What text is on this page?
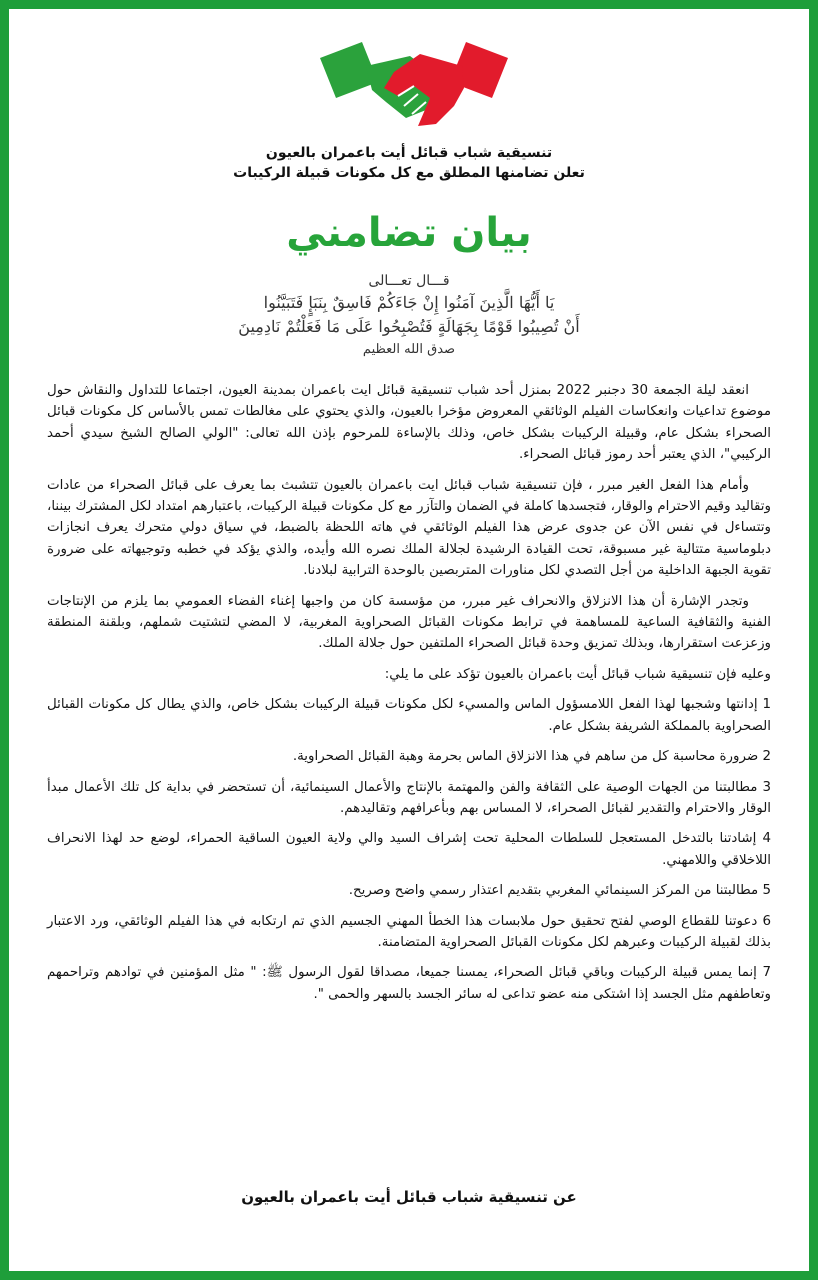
تنسيقية شباب قبائل أيت باعمران بالعيون
تعلن تضامنها المطلق مع كل مكونات قبيلة الركيبات
بيان تضامني
قـــال تعـــالى
يَا أَيُّهَا الَّذِينَ آمَنُوا إِنْ جَاءَكُمْ فَاسِقٌ بِنَبَإٍ فَتَبَيَّنُوا
أَنْ تُصِيبُوا قَوْمًا بِجَهَالَةٍ فَتُصْبِحُوا عَلَى مَا فَعَلْتُمْ نَادِمِينَ
صدق الله العظيم

انعقد ليلة الجمعة 30 دجنبر 2022 بمنزل أحد شباب تنسيقية قبائل ايت باعمران بمدينة العيون، اجتماعا للتداول والنقاش حول موضوع تداعيات وانعكاسات الفيلم الوثائقي المعروض مؤخرا بالعيون، والذي يحتوي على مغالطات تمس بالأساس كل مكونات قبائل الصحراء بشكل عام، وقبيلة الركيبات بشكل خاص، وذلك بالإساءة للمرحوم بإذن الله تعالى: "الولي الصالح الشيخ سيدي أحمد الركيبي"، الذي يعتبر أحد رموز قبائل الصحراء.

وأمام هذا الفعل الغير مبرر ، فإن تنسيقية شباب قبائل ايت باعمران بالعيون تتشبث بما يعرف على قبائل الصحراء من عادات وتقاليد وقيم الاحترام والوقار، فتجسدها كاملة في الضمان والتآزر مع كل مكونات قبيلة الركيبات، باعتبارهم امتداد لكل المشترك بيننا، وتتساءل في نفس الآن عن جدوى عرض هذا الفيلم الوثائقي في هاته اللحظة بالضبط، في سياق دولي متحرك يعرف انجازات دبلوماسية متتالية غير مسبوقة، تحت القيادة الرشيدة لجلالة الملك نصره الله وأيده، والذي يؤكد في خطبه وتوجيهاته على ضرورة تقوية الجبهة الداخلية من أجل التصدي لكل مناورات المتربصين بالوحدة الترابية لبلادنا.

وتجدر الإشارة أن هذا الانزلاق والانحراف غير مبرر، من مؤسسة كان من واجبها إغناء الفضاء العمومي بما يلزم من الإنتاجات الفنية والثقافية الساعية للمساهمة في ترابط مكونات القبائل الصحراوية المغربية، لا المضي لتشتيت شملهم، وبلقنة المنطقة وزعزعت استقرارها، وبذلك تمزيق وحدة قبائل الصحراء الملتفين حول جلالة الملك.

وعليه فإن تنسيقية شباب قبائل أيت باعمران بالعيون تؤكد على ما يلي:

1 إدانتها وشجبها لهذا الفعل اللامسؤول الماس والمسيء لكل مكونات قبيلة الركيبات بشكل خاص، والذي يطال كل مكونات القبائل الصحراوية بالمملكة الشريفة بشكل عام.

2 ضرورة محاسبة كل من ساهم في هذا الانزلاق الماس بحرمة وهبة القبائل الصحراوية.

3 مطالبتنا من الجهات الوصية على الثقافة والفن والمهتمة بالإنتاج والأعمال السينمائية، أن تستحضر في بداية كل تلك الأعمال مبدأ الوقار والاحترام والتقدير لقبائل الصحراء، لا المساس بهم وبأعرافهم وتقاليدهم.

4 إشادتنا بالتدخل المستعجل للسلطات المحلية تحت إشراف السيد والي ولاية العيون الساقية الحمراء، لوضع حد لهذا الانحراف اللاخلاقي واللامهني.

5 مطالبتنا من المركز السينمائي المغربي بتقديم اعتذار رسمي واضح وصريح.

6 دعوتنا للقطاع الوصي لفتح تحقيق حول ملابسات هذا الخطأ المهني الجسيم الذي تم ارتكابه في هذا الفيلم الوثائقي، ورد الاعتبار بذلك لقبيلة الركيبات وعبرهم لكل مكونات القبائل الصحراوية المتضامنة.

7 إنما يمس قبيلة الركيبات وباقي قبائل الصحراء، يمسنا جميعا، مصداقا لقول الرسول ﷺ: " مثل المؤمنين في توادهم وتراحمهم وتعاطفهم مثل الجسد إذا اشتكى منه عضو تداعى له سائر الجسد بالسهر والحمى ".

عن تنسيقية شباب قبائل أيت باعمران بالعيون
